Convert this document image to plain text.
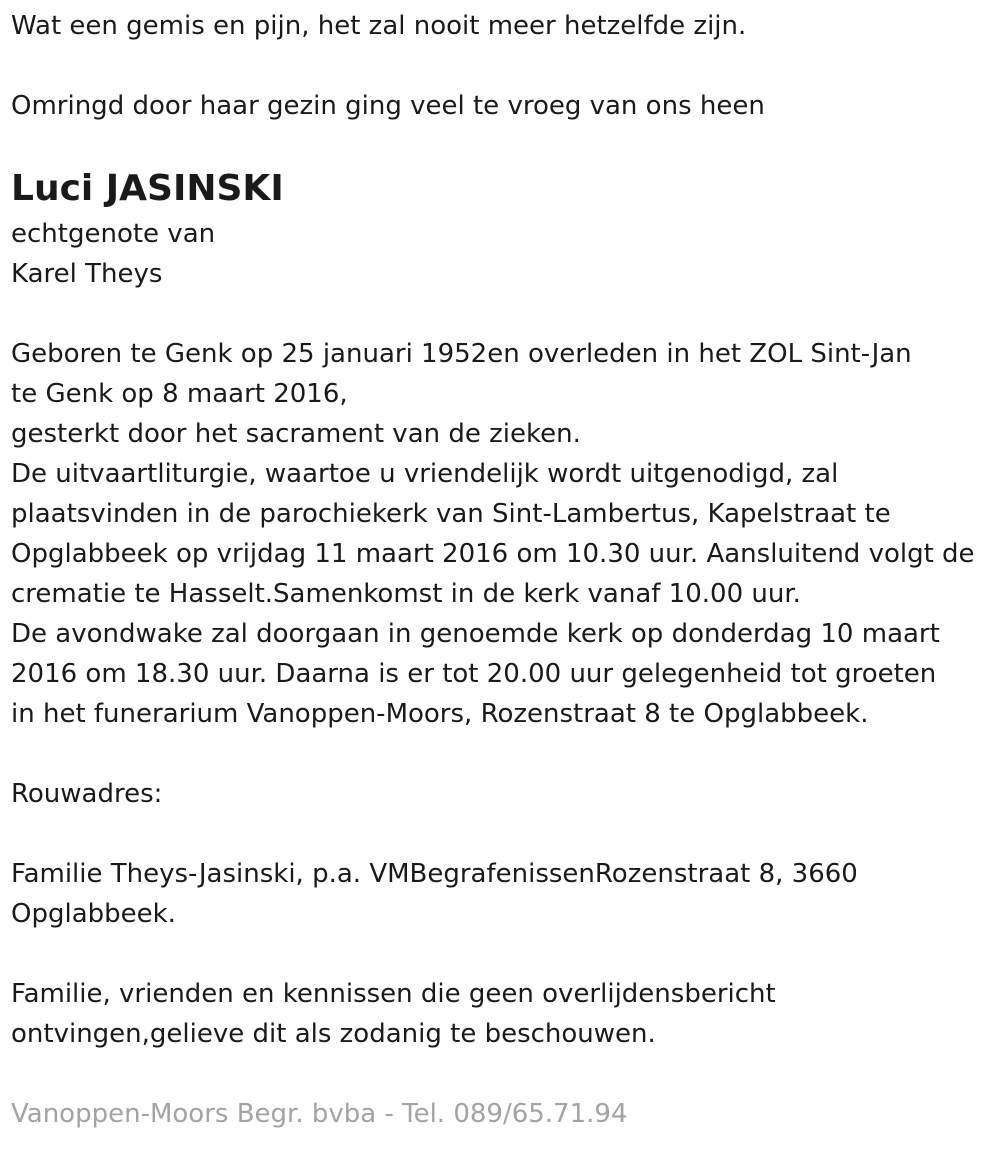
Wat een gemis en pijn, het zal nooit meer hetzelfde zijn.
Omringd door haar gezin ging veel te vroeg van ons heen
Luci JASINSKI
echtgenote van
Karel Theys
Geboren te Genk op 25 januari 1952en overleden in het ZOL Sint-Jan
te Genk op 8 maart 2016,
gesterkt door het sacrament van de zieken.
De uitvaartliturgie, waartoe u vriendelijk wordt uitgenodigd, zal
plaatsvinden in de parochiekerk van Sint-Lambertus, Kapelstraat te
Opglabbeek op vrijdag 11 maart 2016 om 10.30 uur. Aansluitend volgt de
crematie te Hasselt.Samenkomst in de kerk vanaf 10.00 uur.
De avondwake zal doorgaan in genoemde kerk op donderdag 10 maart
2016 om 18.30 uur. Daarna is er tot 20.00 uur gelegenheid tot groeten
in het funerarium Vanoppen-Moors, Rozenstraat 8 te Opglabbeek.
Rouwadres:
Familie Theys-Jasinski, p.a. VMBegrafenissenRozenstraat 8, 3660
Opglabbeek.
Familie, vrienden en kennissen die geen overlijdensbericht
ontvingen,gelieve dit als zodanig te beschouwen.
Vanoppen-Moors Begr. bvba - Tel. 089/65.71.94
